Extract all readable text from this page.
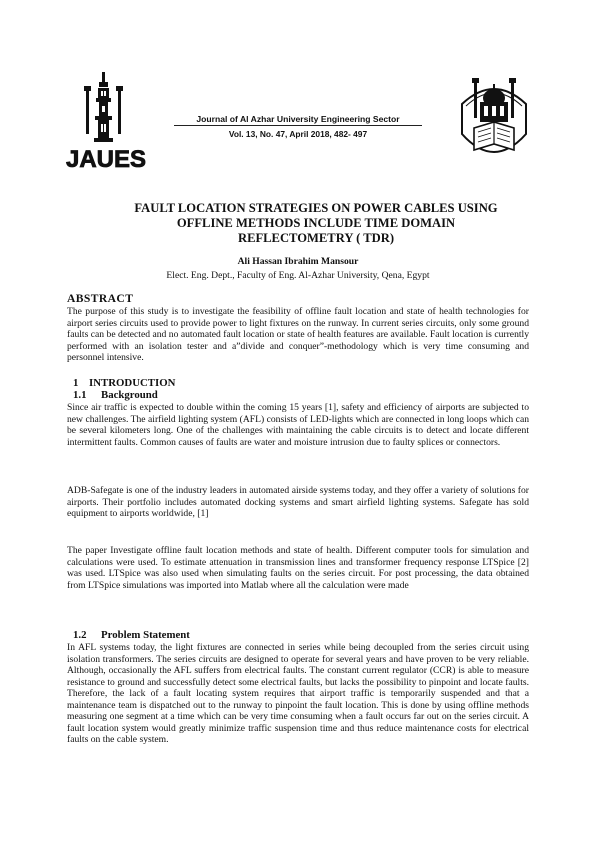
JAUES
Journal of Al Azhar University Engineering Sector
Vol. 13, No. 47, April 2018, 482- 497
FAULT LOCATION STRATEGIES ON POWER CABLES USING
OFFLINE METHODS INCLUDE TIME DOMAIN
REFLECTOMETRY ( TDR)
Ali Hassan Ibrahim Mansour
Elect. Eng. Dept., Faculty of Eng. Al-Azhar University, Qena, Egypt
ABSTRACT
The purpose of this study is to investigate the feasibility of offline fault location and state of health technologies for airport series circuits used to provide power to light fixtures on the runway. In current series circuits, only some ground faults can be detected and no automated fault location or state of health features are available. Fault location is currently performed with an isolation tester and a”divide and conquer”-methodology which is very time consuming and personnel intensive.
1 INTRODUCTION
1.1 Background
Since air traffic is expected to double within the coming 15 years [1], safety and efficiency of airports are subjected to new challenges. The airfield lighting system (AFL) consists of LED-lights which are connected in long loops which can be several kilometers long. One of the challenges with maintaining the cable circuits is to detect and locate different intermittent faults. Common causes of faults are water and moisture intrusion due to faulty splices or connectors.
ADB-Safegate is one of the industry leaders in automated airside systems today, and they offer a variety of solutions for airports. Their portfolio includes automated docking systems and smart airfield lighting systems. Safegate has sold equipment to airports worldwide, [1]
The paper Investigate offline fault location methods and state of health. Different computer tools for simulation and calculations were used. To estimate attenuation in transmission lines and transformer frequency response LTSpice [2] was used. LTSpice was also used when simulating faults on the series circuit. For post processing, the data obtained from LTSpice simulations was imported into Matlab where all the calculation were made
1.2 Problem Statement
In AFL systems today, the light fixtures are connected in series while being decoupled from the series circuit using isolation transformers. The series circuits are designed to operate for several years and have proven to be very reliable. Although, occasionally the AFL suffers from electrical faults. The constant current regulator (CCR) is able to measure resistance to ground and successfully detect some electrical faults, but lacks the possibility to pinpoint and locate faults. Therefore, the lack of a fault locating system requires that airport traffic is temporarily suspended and that a maintenance team is dispatched out to the runway to pinpoint the fault location. This is done by using offline methods measuring one segment at a time which can be very time consuming when a fault occurs far out on the series circuit. A fault location system would greatly minimize traffic suspension time and thus reduce maintenance costs for electrical faults on the cable system.
